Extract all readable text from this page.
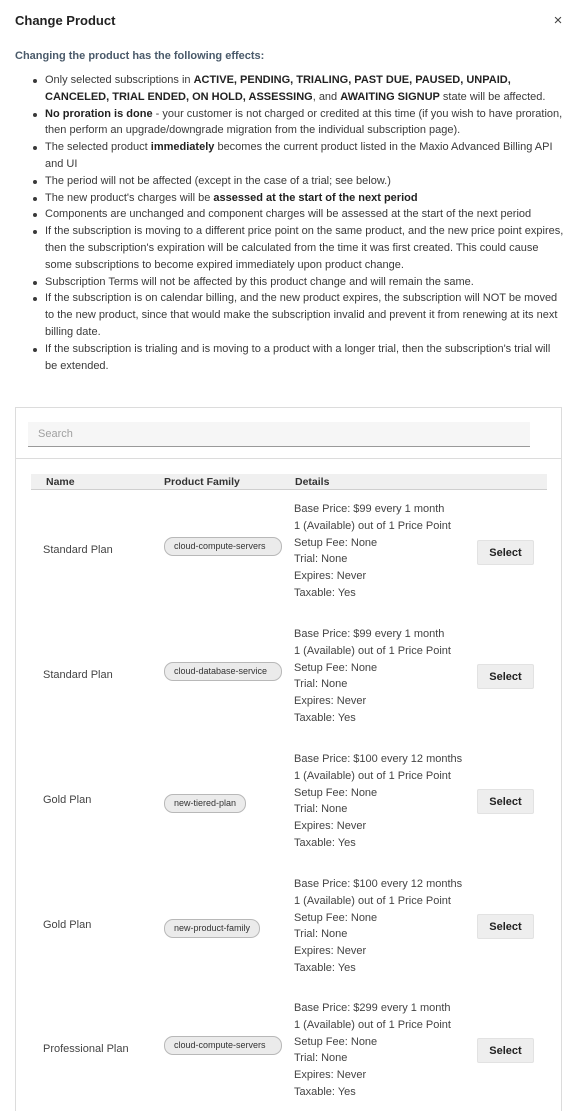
Change Product	×
Changing the product has the following effects:
Only selected subscriptions in ACTIVE, PENDING, TRIALING, PAST DUE, PAUSED, UNPAID, CANCELED, TRIAL ENDED, ON HOLD, ASSESSING, and AWAITING SIGNUP state will be affected.
No proration is done - your customer is not charged or credited at this time (if you wish to have proration, then perform an upgrade/downgrade migration from the individual subscription page).
The selected product immediately becomes the current product listed in the Maxio Advanced Billing API and UI
The period will not be affected (except in the case of a trial; see below.)
The new product's charges will be assessed at the start of the next period
Components are unchanged and component charges will be assessed at the start of the next period
If the subscription is moving to a different price point on the same product, and the new price point expires, then the subscription's expiration will be calculated from the time it was first created. This could cause some subscriptions to become expired immediately upon product change.
Subscription Terms will not be affected by this product change and will remain the same.
If the subscription is on calendar billing, and the new product expires, the subscription will NOT be moved to the new product, since that would make the subscription invalid and prevent it from renewing at its next billing date.
If the subscription is trialing and is moving to a product with a longer trial, then the subscription's trial will be extended.
Search
Name	Product Family	Details
Standard Plan	cloud-compute-servers
Base Price: $99 every 1 month
1 (Available) out of 1 Price Point
Setup Fee: None
Trial: None
Expires: Never
Taxable: Yes
Select
Standard Plan	cloud-database-service
Base Price: $99 every 1 month
1 (Available) out of 1 Price Point
Setup Fee: None
Trial: None
Expires: Never
Taxable: Yes
Select
Gold Plan	new-tiered-plan
Base Price: $100 every 12 months
1 (Available) out of 1 Price Point
Setup Fee: None
Trial: None
Expires: Never
Taxable: Yes
Select
Gold Plan	new-product-family
Base Price: $100 every 12 months
1 (Available) out of 1 Price Point
Setup Fee: None
Trial: None
Expires: Never
Taxable: Yes
Select
Professional Plan	cloud-compute-servers
Base Price: $299 every 1 month
1 (Available) out of 1 Price Point
Setup Fee: None
Trial: None
Expires: Never
Taxable: Yes
Select
